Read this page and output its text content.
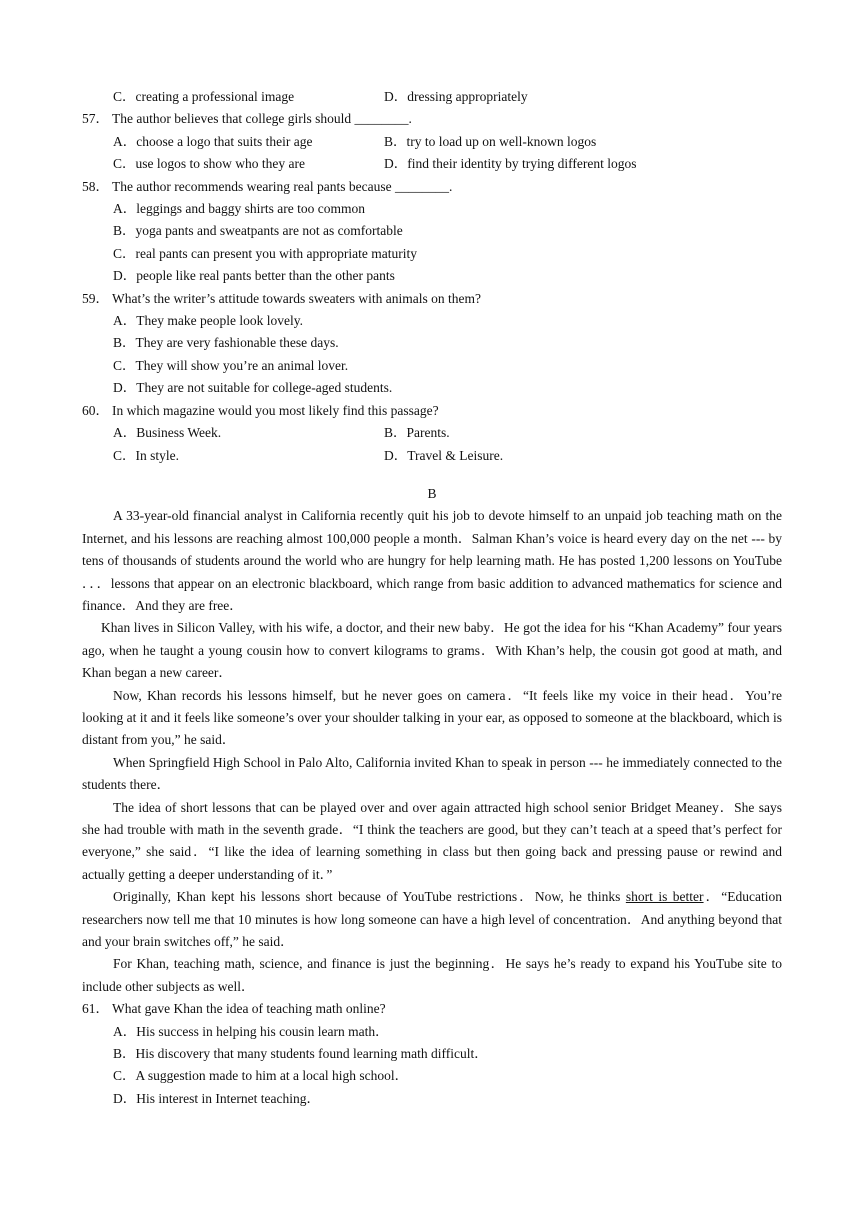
C．creating a professional image	D．dressing appropriately
57． The author believes that college girls should ________.
A．choose a logo that suits their age	B．try to load up on well-known logos
C．use logos to show who they are	D．find their identity by trying different logos
58． The author recommends wearing real pants because ________.
A．leggings and baggy shirts are too common
B．yoga pants and sweatpants are not as comfortable
C．real pants can present you with appropriate maturity
D．people like real pants better than the other pants
59． What’s the writer’s attitude towards sweaters with animals on them?
A．They make people look lovely.
B．They are very fashionable these days.
C．They will show you’re an animal lover.
D．They are not suitable for college-aged students.
60． In which magazine would you most likely find this passage?
A．Business Week.	B．Parents.
C．In style.	D．Travel & Leisure.
B

A 33-year-old financial analyst in California recently quit his job to devote himself to an unpaid job teaching math on the Internet, and his lessons are reaching almost 100,000 people a month．Salman Khan’s voice is heard every day on the net --- by tens of thousands of students around the world who are hungry for help learning math. He has posted 1,200 lessons on YouTube ．．．lessons that appear on an electronic blackboard, which range from basic addition to advanced mathematics for science and finance．And they are free．

Khan lives in Silicon Valley, with his wife, a doctor, and their new baby．He got the idea for his “Khan Academy” four years ago, when he taught a young cousin how to convert kilograms to grams．With Khan’s help, the cousin got good at math, and Khan began a new career．

Now, Khan records his lessons himself, but he never goes on camera．“It feels like my voice in their head．You’re looking at it and it feels like someone’s over your shoulder talking in your ear, as opposed to someone at the blackboard, which is distant from you,” he said．

When Springfield High School in Palo Alto, California invited Khan to speak in person --- he immediately connected to the students there．

The idea of short lessons that can be played over and over again attracted high school senior Bridget Meaney．She says she had trouble with math in the seventh grade．“I think the teachers are good, but they can’t teach at a speed that’s perfect for everyone,” she said．“I like the idea of learning something in class but then going back and pressing pause or rewind and actually getting a deeper understanding of it．”

Originally, Khan kept his lessons short because of YouTube restrictions．Now, he thinks short is better．“Education researchers now tell me that 10 minutes is how long someone can have a high level of concentration．And anything beyond that and your brain switches off,” he said．

For Khan, teaching math, science, and finance is just the beginning．He says he’s ready to expand his YouTube site to include other subjects as well．

61． What gave Khan the idea of teaching math online?
A．His success in helping his cousin learn math．
B．His discovery that many students found learning math difficult．
C．A suggestion made to him at a local high school．
D．His interest in Internet teaching．
